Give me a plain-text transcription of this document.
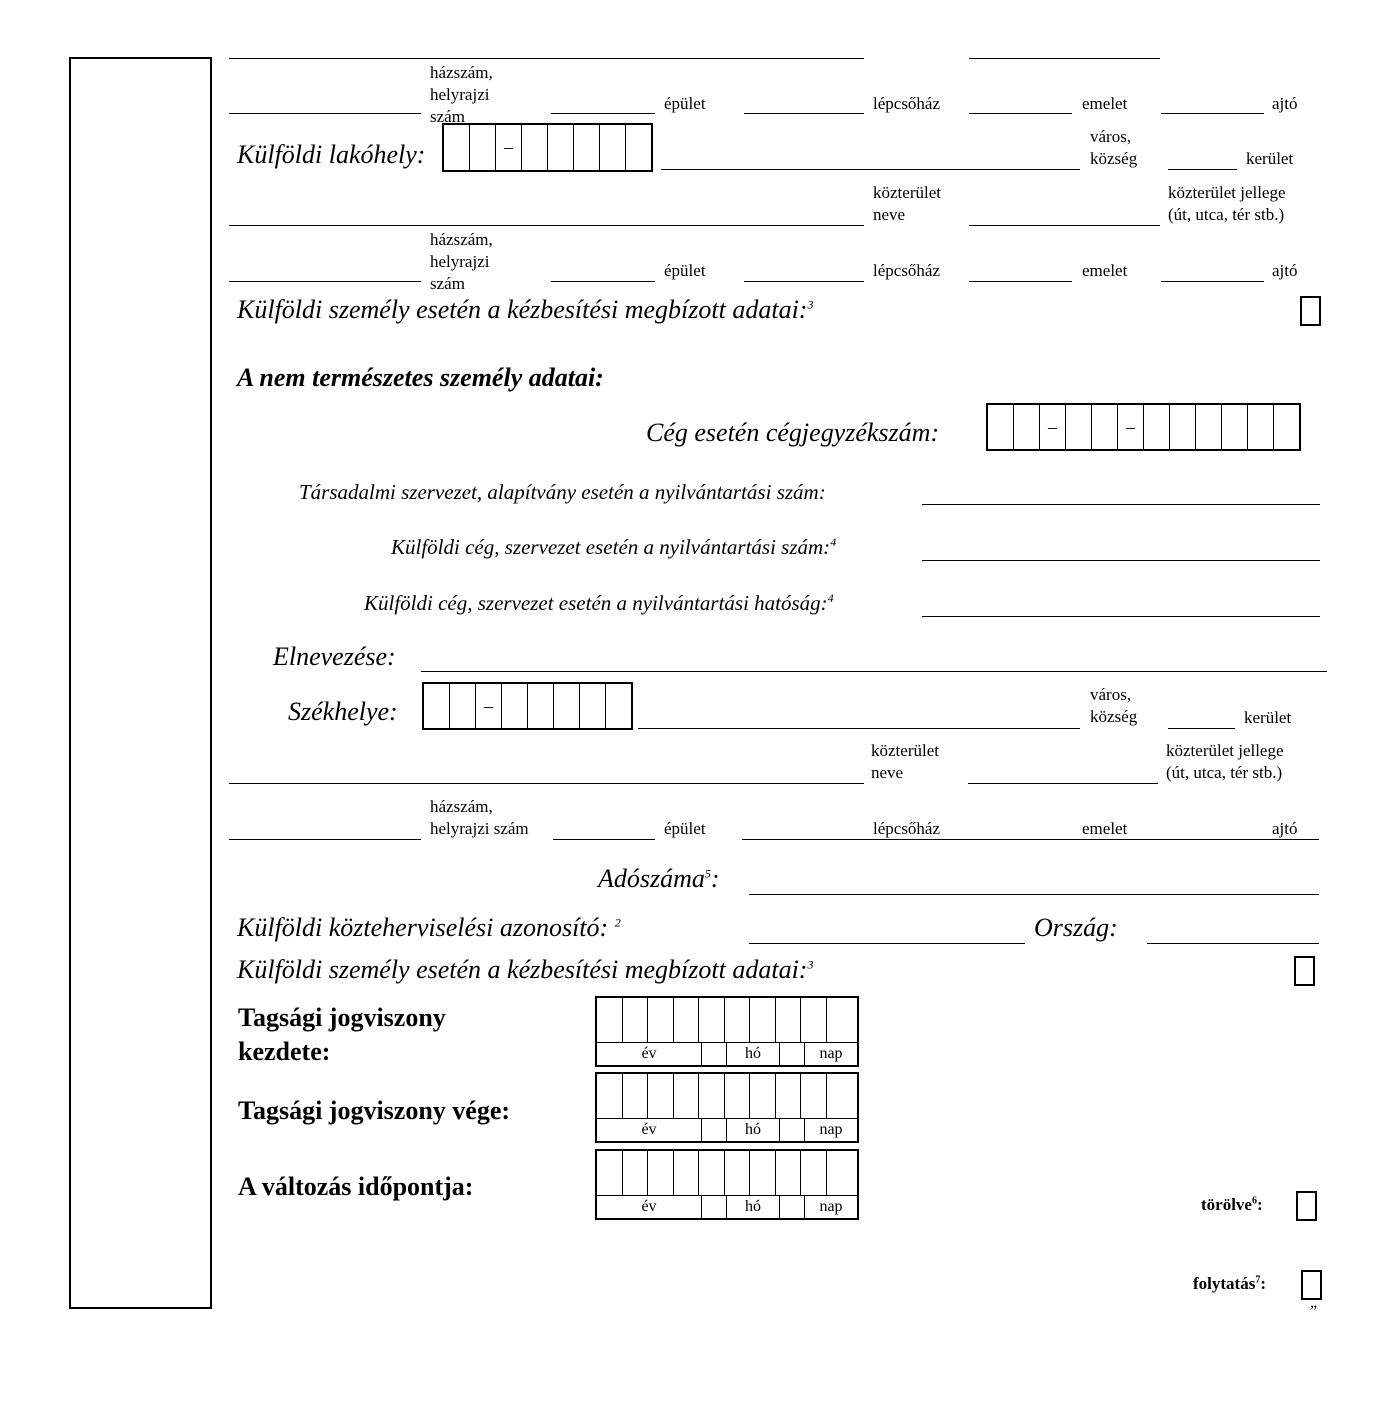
házszám,
helyrajzi
szám
épület	lépcsőház	emelet	ajtó
Külföldi lakóhely:	–
város,
község	kerület
közterület
neve
közterület jellege
(út, utca, tér stb.)
házszám,
helyrajzi
szám
épület	lépcsőház	emelet	ajtó
Külföldi személy esetén a kézbesítési megbízott adatai:$^3$
A nem természetes személy adatai:
Cég esetén cégjegyzékszám:	–	–
Társadalmi szervezet, alapítvány esetén a nyilvántartási szám:
Külföldi cég, szervezet esetén a nyilvántartási szám:$^4$
Külföldi cég, szervezet esetén a nyilvántartási hatóság:$^4$
Elnevezése:
Székhelye:	–
város,
község	kerület
közterület
neve
közterület jellege
(út, utca, tér stb.)
házszám,
helyrajzi szám	épület	lépcsőház	emelet	ajtó
Adószáma$^5$:
Külföldi közteherviselési azonosító: $^2$	Ország:
Külföldi személy esetén a kézbesítési megbízott adatai:$^3$
Tagsági jogviszony
kezdete:	év	hó	nap
Tagsági jogviszony vége:
év	hó	nap
A változás időpontja:
év	hó	nap	törölve$^6$:
folytatás$^7$:
”
